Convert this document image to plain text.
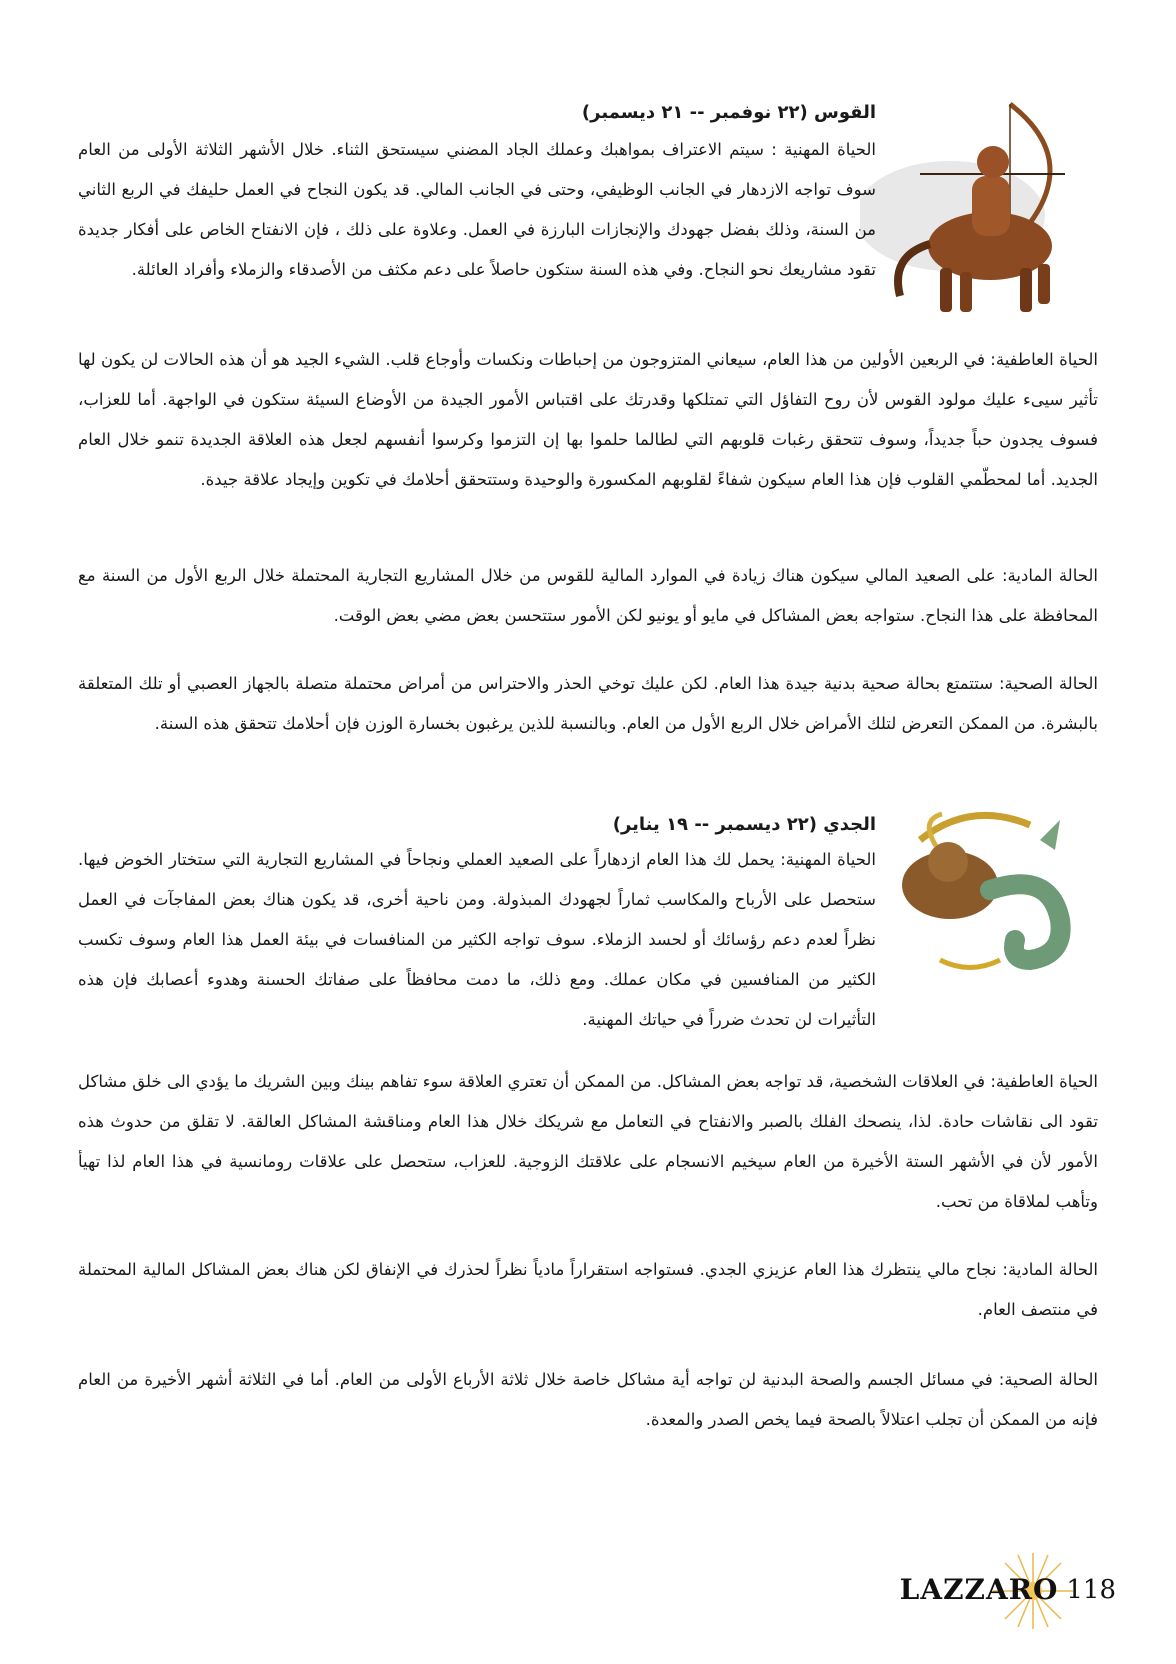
القوس (٢٢ نوفمبر -- ٢١ ديسمبر)
الحياة المهنية : سيتم الاعتراف بمواهبك وعملك الجاد المضني سيستحق الثناء. خلال الأشهر الثلاثة الأولى من العام سوف تواجه الازدهار في الجانب الوظيفي، وحتى في الجانب المالي. قد يكون النجاح في العمل حليفك في الربع الثاني من السنة، وذلك بفضل جهودك والإنجازات البارزة في العمل. وعلاوة على ذلك ، فإن الانفتاح الخاص على أفكار جديدة تقود مشاريعك نحو النجاح. وفي هذه السنة ستكون حاصلاً على دعم مكثف من الأصدقاء والزملاء وأفراد العائلة.
الحياة العاطفية: في الربعين الأولين من هذا العام، سيعاني المتزوجون من إحباطات ونكسات وأوجاع قلب. الشيء الجيد هو أن هذه الحالات لن يكون لها تأثير سيىء عليك مولود القوس لأن روح التفاؤل التي تمتلكها وقدرتك على اقتباس الأمور الجيدة من الأوضاع السيئة ستكون في الواجهة. أما للعزاب، فسوف يجدون حباً جديداً، وسوف تتحقق رغبات قلوبهم التي لطالما حلموا بها إن التزموا وكرسوا أنفسهم لجعل هذه العلاقة الجديدة تنمو خلال العام الجديد. أما لمحطّمي القلوب فإن هذا العام سيكون شفاءً لقلوبهم المكسورة والوحيدة وستتحقق أحلامك في تكوين وإيجاد علاقة جيدة.
الحالة المادية: على الصعيد المالي سيكون هناك زيادة في الموارد المالية للقوس من خلال المشاريع التجارية المحتملة خلال الربع الأول من السنة مع المحافظة على هذا النجاح. ستواجه بعض المشاكل في مايو أو يونيو لكن الأمور ستتحسن بعض مضي بعض الوقت.
الحالة الصحية: ستتمتع بحالة صحية بدنية جيدة هذا العام. لكن عليك توخي الحذر والاحتراس من أمراض محتملة متصلة بالجهاز العصبي أو تلك المتعلقة بالبشرة. من الممكن التعرض لتلك الأمراض خلال الربع الأول من العام. وبالنسبة للذين يرغبون بخسارة الوزن فإن أحلامك تتحقق هذه السنة.
الجدي (٢٢ ديسمبر -- ١٩ يناير)
الحياة المهنية: يحمل لك هذا العام ازدهاراً على الصعيد العملي ونجاحاً في المشاريع التجارية التي ستختار الخوض فيها. ستحصل على الأرباح والمكاسب ثماراً لجهودك المبذولة. ومن ناحية أخرى، قد يكون هناك بعض المفاجآت في العمل نظراً لعدم دعم رؤسائك أو لحسد الزملاء. سوف تواجه الكثير من المنافسات في بيئة العمل هذا العام وسوف تكسب الكثير من المنافسين في مكان عملك. ومع ذلك، ما دمت محافظاً على صفاتك الحسنة وهدوء أعصابك فإن هذه التأثيرات لن تحدث ضرراً في حياتك المهنية.
الحياة العاطفية: في العلاقات الشخصية، قد تواجه بعض المشاكل. من الممكن أن تعتري العلاقة سوء تفاهم بينك وبين الشريك ما يؤدي الى خلق مشاكل تقود الى نقاشات حادة. لذا، ينصحك الفلك بالصبر والانفتاح في التعامل مع شريكك خلال هذا العام ومناقشة المشاكل العالقة. لا تقلق من حدوث هذه الأمور لأن في الأشهر الستة الأخيرة من العام سيخيم الانسجام على علاقتك الزوجية. للعزاب، ستحصل على علاقات رومانسية في هذا العام لذا تهيأ وتأهب لملاقاة من تحب.
الحالة المادية: نجاح مالي ينتظرك هذا العام عزيزي الجدي. فستواجه استقراراً مادياً نظراً لحذرك في الإنفاق لكن هناك بعض المشاكل المالية المحتملة في منتصف العام.
الحالة الصحية: في مسائل الجسم والصحة البدنية لن تواجه أية مشاكل خاصة خلال ثلاثة الأرباع الأولى من العام. أما في الثلاثة أشهر الأخيرة من العام فإنه من الممكن أن تجلب اعتلالاً بالصحة فيما يخص الصدر والمعدة.
LAZZARO 118
